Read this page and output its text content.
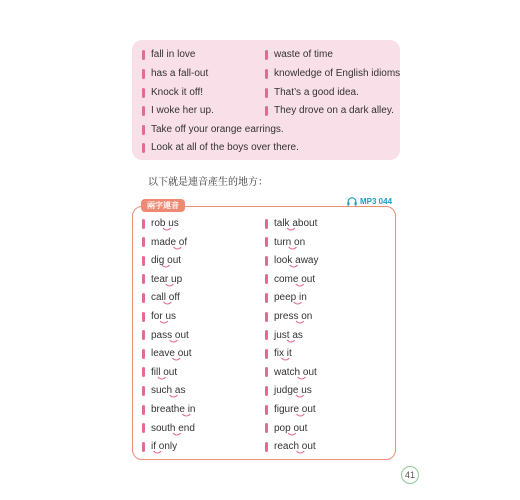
fall in love	waste of time
has a fall-out	knowledge of English idioms
Knock it off!	That’s a good idea.
I woke her up.	They drove on a dark alley.
Take off your orange earrings.
Look at all of the boys over there.
以下就是連音產生的地方：
MP3 044
兩字連音
rob us	talk about
made of	turn on
dig out	look away
tear up	come out
call off	peep in
for us	press on
pass out	just as
leave out	fix it
fill out	watch out
such as	judge us
breathe in	figure out
south end	pop out
if only	reach out
41
